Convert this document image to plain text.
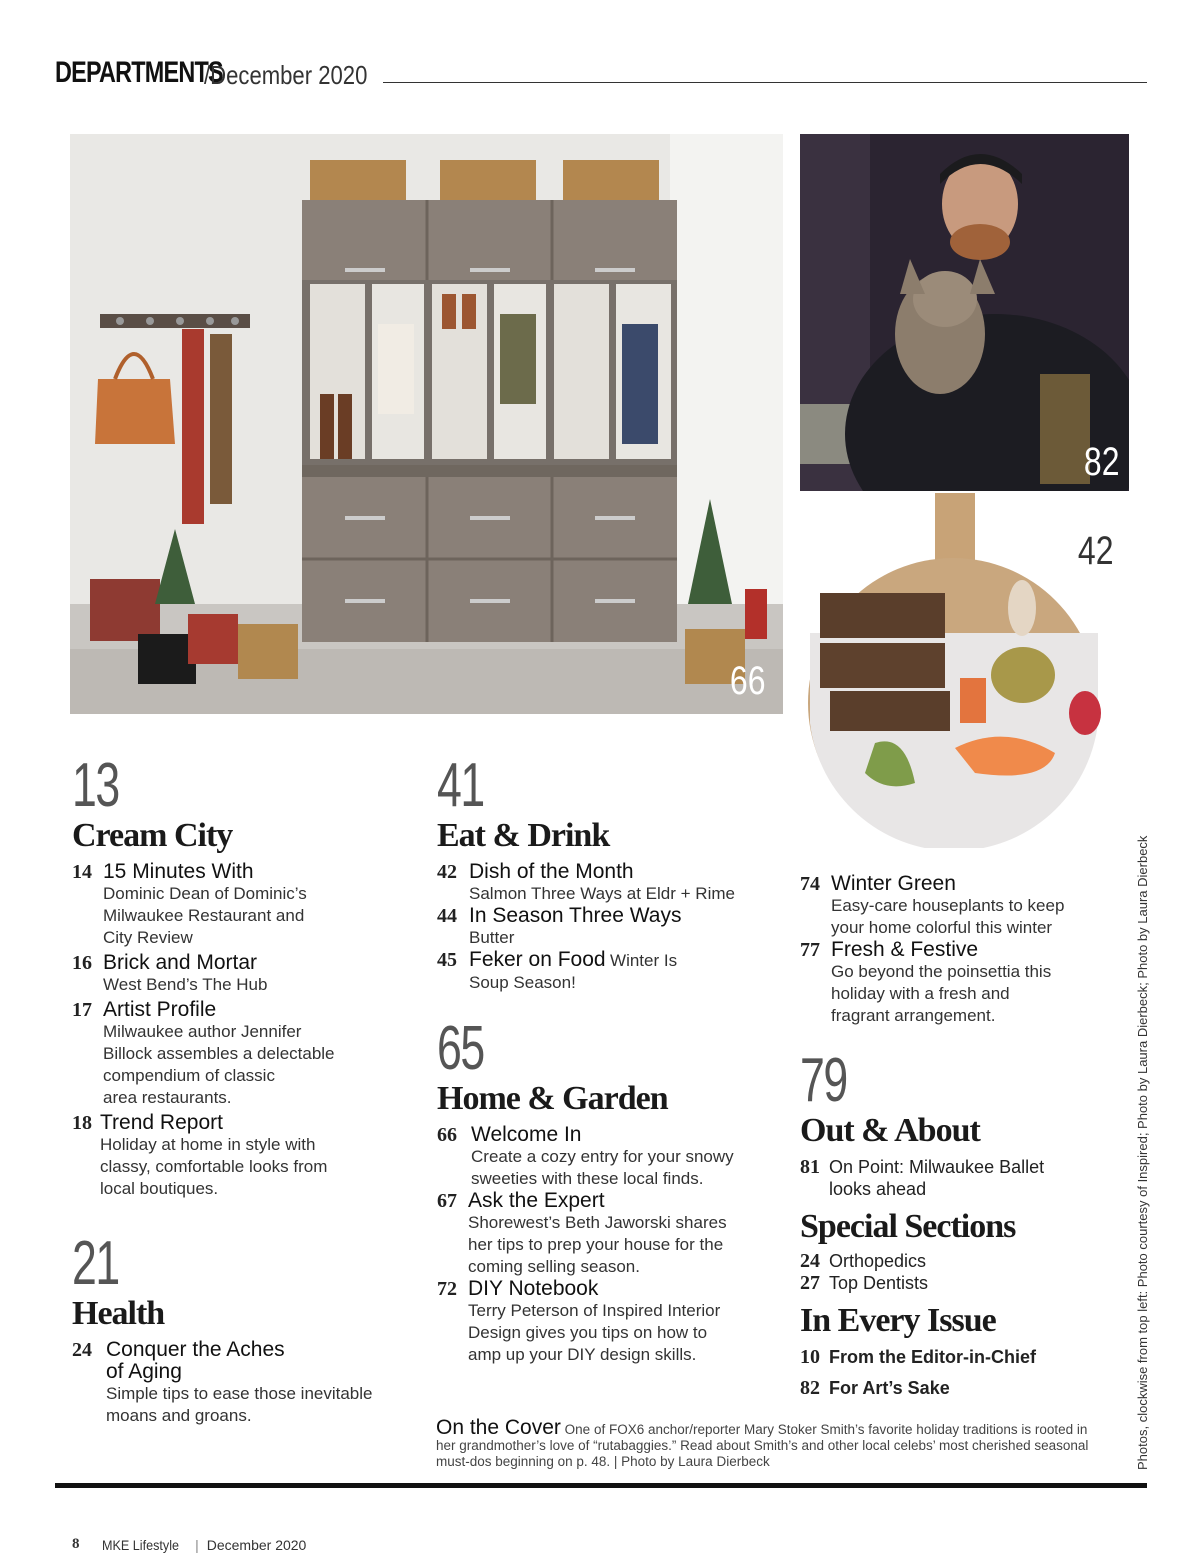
DEPARTMENTS
/December 2020
66
82
42
13
Cream City
14 15 Minutes With
Dominic Dean of Dominic’s
Milwaukee Restaurant and
City Review
16 Brick and Mortar
West Bend’s The Hub
17 Artist Profile
Milwaukee author Jennifer
Billock assembles a delectable
compendium of classic
area restaurants.
18 Trend Report
Holiday at home in style with
classy, comfortable looks from
local boutiques.
21
Health
24 Conquer the Aches
of Aging
Simple tips to ease those inevitable
moans and groans.
41
Eat & Drink
42 Dish of the Month
Salmon Three Ways at Eldr + Rime
44 In Season Three Ways
Butter
45 Feker on Food Winter Is
Soup Season!
65
Home & Garden
66 Welcome In
Create a cozy entry for your snowy
sweeties with these local finds.
67 Ask the Expert
Shorewest’s Beth Jaworski shares
her tips to prep your house for the
coming selling season.
72 DIY Notebook
Terry Peterson of Inspired Interior
Design gives you tips on how to
amp up your DIY design skills.
74 Winter Green
Easy-care houseplants to keep
your home colorful this winter
77 Fresh & Festive
Go beyond the poinsettia this
holiday with a fresh and
fragrant arrangement.
79
Out & About
81 On Point: Milwaukee Ballet
looks ahead
Special Sections
24 Orthopedics
27 Top Dentists
In Every Issue
10 From the Editor-in-Chief
82 For Art’s Sake
On the Cover One of FOX6 anchor/reporter Mary Stoker Smith’s favorite holiday traditions is rooted in her grandmother’s love of “rutabaggies.” Read about Smith’s and other local celebs’ most cherished seasonal must-dos beginning on p. 48. | Photo by Laura Dierbeck	Photos, clockwise from top left: Photo courtesy of Inspired; Photo by Laura Dierbeck; Photo by Laura Dierbeck
8 MKE Lifestyle | December 2020
